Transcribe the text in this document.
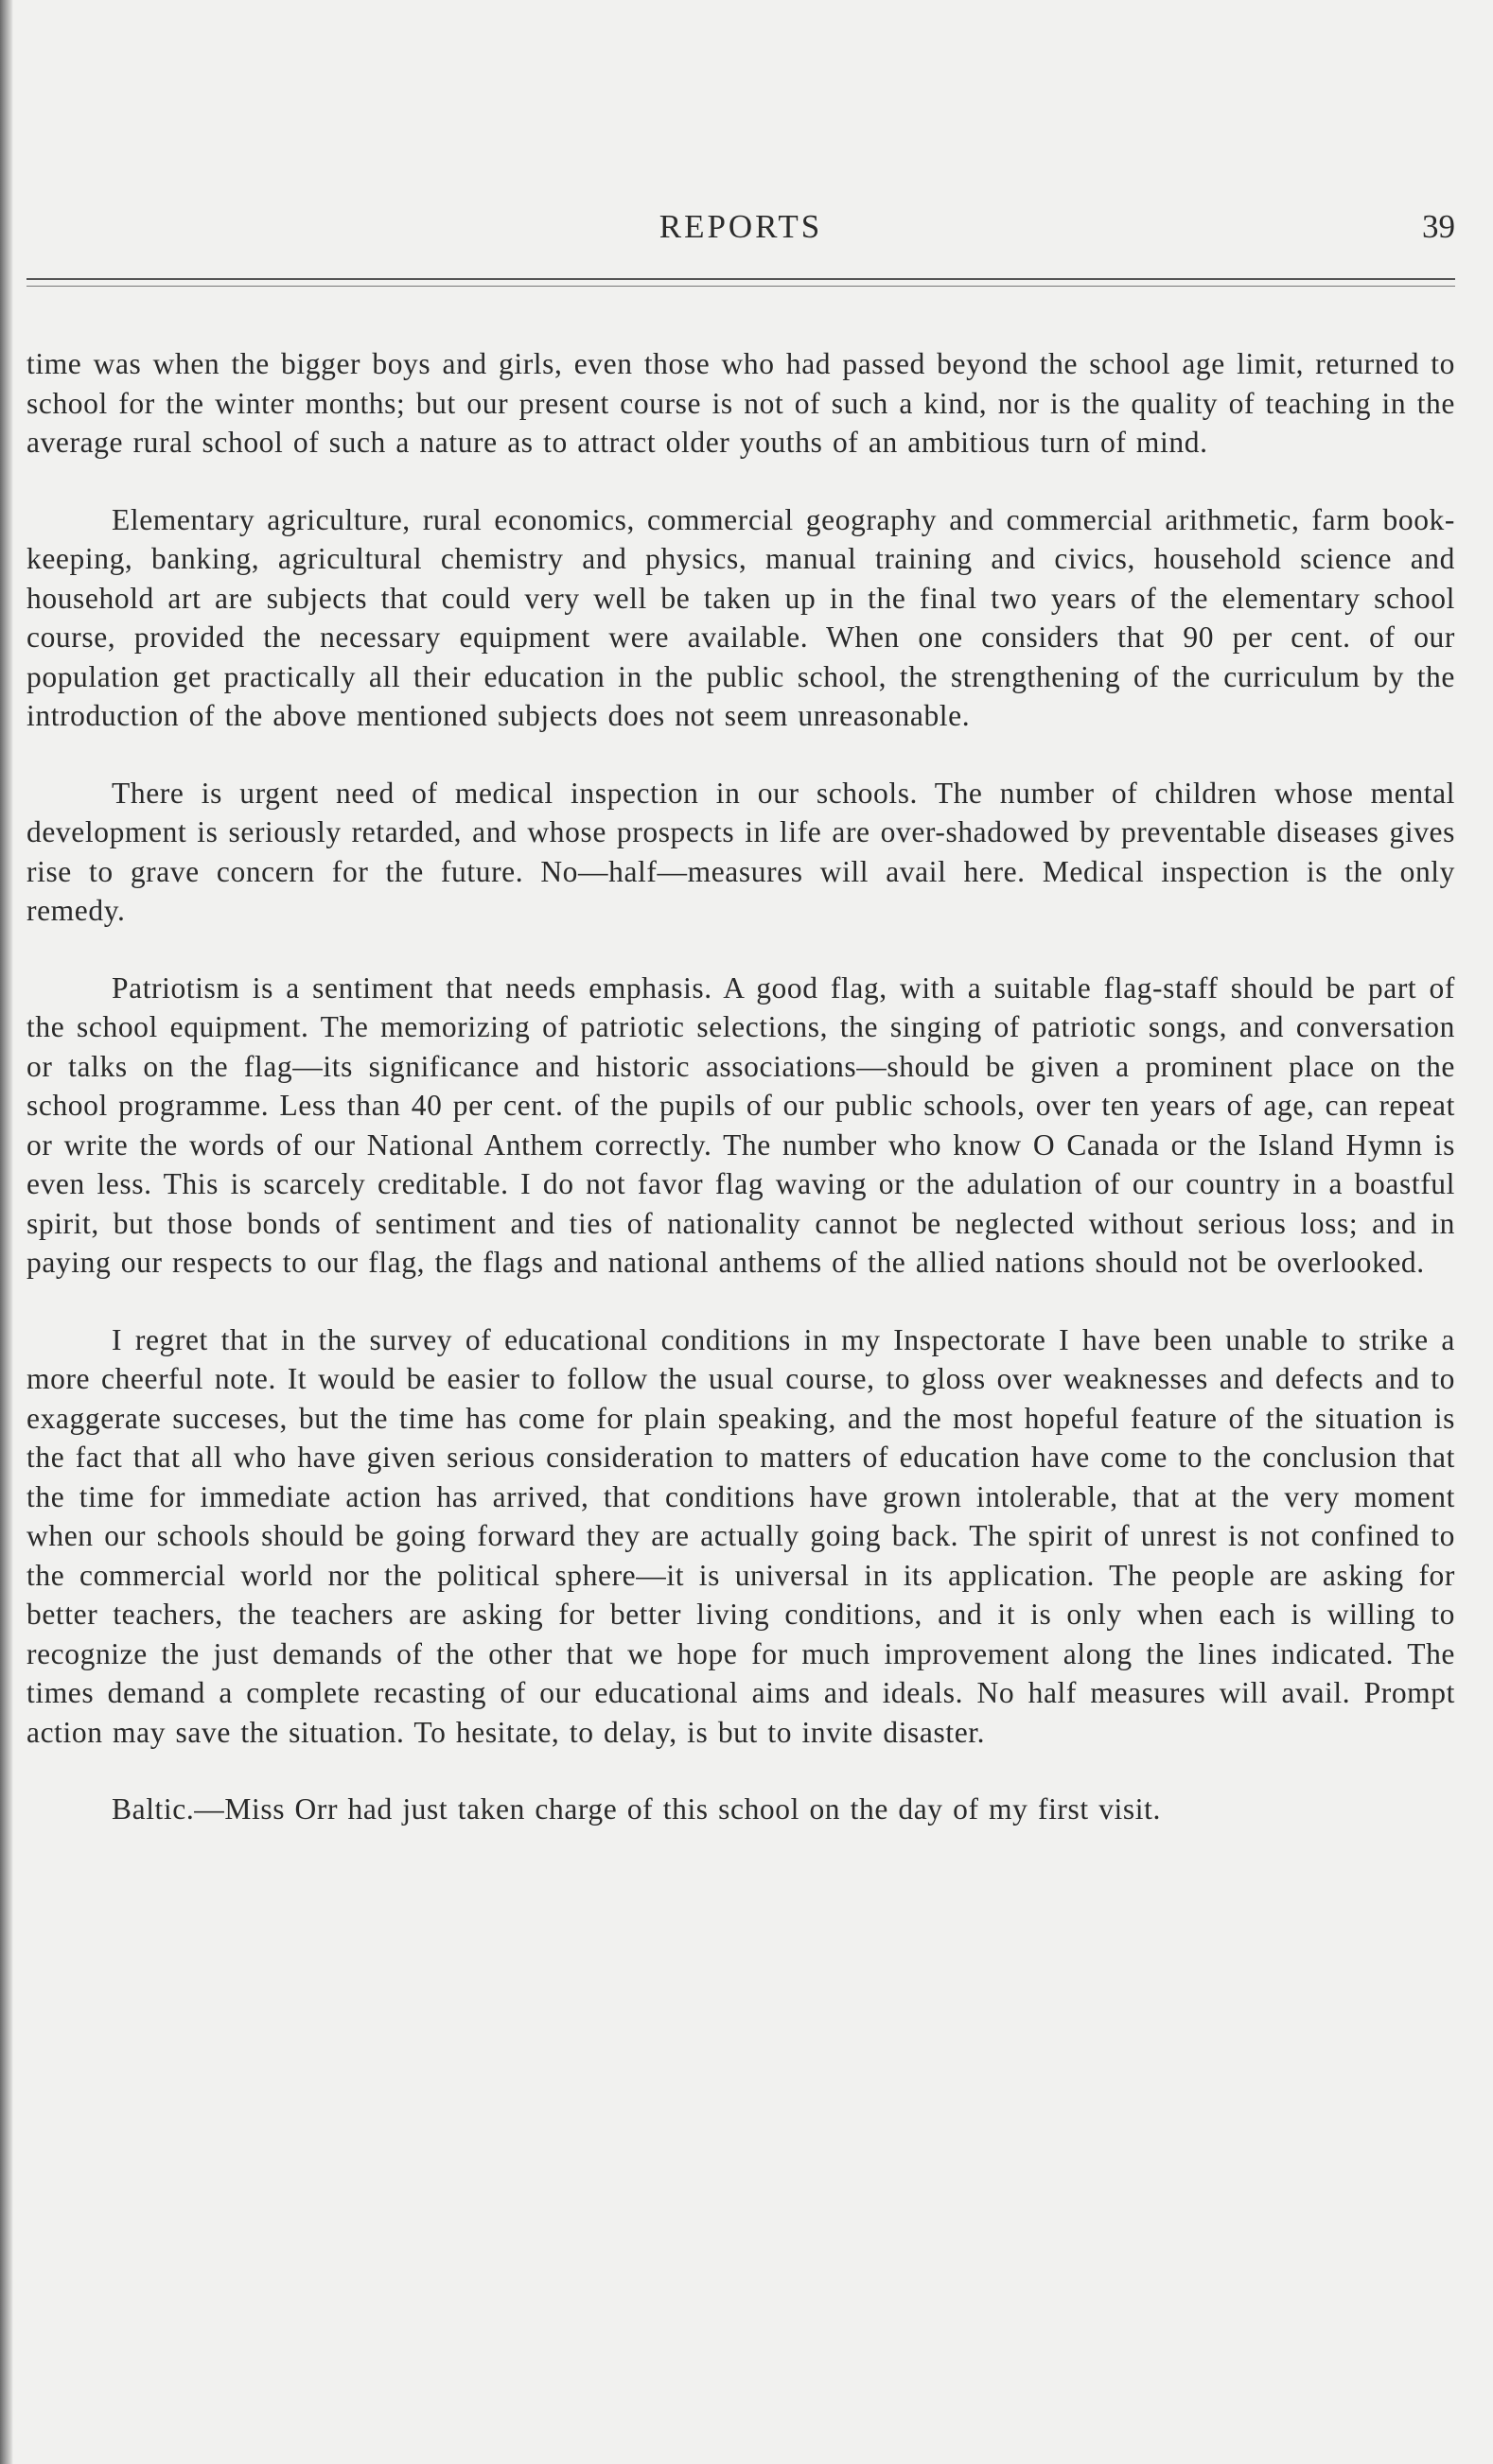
REPORTS	39

time was when the bigger boys and girls, even those who had passed beyond the school age limit, returned to school for the winter months; but our present course is not of such a kind, nor is the quality of teaching in the average rural school of such a nature as to attract older youths of an ambitious turn of mind.

Elementary agriculture, rural economics, commercial geography and commercial arithmetic, farm book-keeping, banking, agricultural chemistry and physics, manual training and civics, household science and household art are subjects that could very well be taken up in the final two years of the elementary school course, provided the necessary equipment were available. When one considers that 90 per cent. of our population get practically all their education in the public school, the strengthening of the curriculum by the introduction of the above mentioned subjects does not seem unreasonable.

There is urgent need of medical inspection in our schools. The number of children whose mental development is seriously retarded, and whose prospects in life are over-shadowed by preventable diseases gives rise to grave concern for the future. No—half—measures will avail here. Medical inspection is the only remedy.

Patriotism is a sentiment that needs emphasis. A good flag, with a suitable flag-staff should be part of the school equipment. The memorizing of patriotic selections, the singing of patriotic songs, and conversation or talks on the flag—its significance and historic associations—should be given a prominent place on the school programme. Less than 40 per cent. of the pupils of our public schools, over ten years of age, can repeat or write the words of our National Anthem correctly. The number who know O Canada or the Island Hymn is even less. This is scarcely creditable. I do not favor flag waving or the adulation of our country in a boastful spirit, but those bonds of sentiment and ties of nationality cannot be neglected without serious loss; and in paying our respects to our flag, the flags and national anthems of the allied nations should not be overlooked.

I regret that in the survey of educational conditions in my Inspectorate I have been unable to strike a more cheerful note. It would be easier to follow the usual course, to gloss over weaknesses and defects and to exaggerate succeses, but the time has come for plain speaking, and the most hopeful feature of the situation is the fact that all who have given serious consideration to matters of education have come to the conclusion that the time for immediate action has arrived, that conditions have grown intolerable, that at the very moment when our schools should be going forward they are actually going back. The spirit of unrest is not confined to the commercial world nor the political sphere—it is universal in its application. The people are asking for better teachers, the teachers are asking for better living conditions, and it is only when each is willing to recognize the just demands of the other that we hope for much improvement along the lines indicated. The times demand a complete recasting of our educational aims and ideals. No half measures will avail. Prompt action may save the situation. To hesitate, to delay, is but to invite disaster.

Baltic.—Miss Orr had just taken charge of this school on the day of my first visit.
